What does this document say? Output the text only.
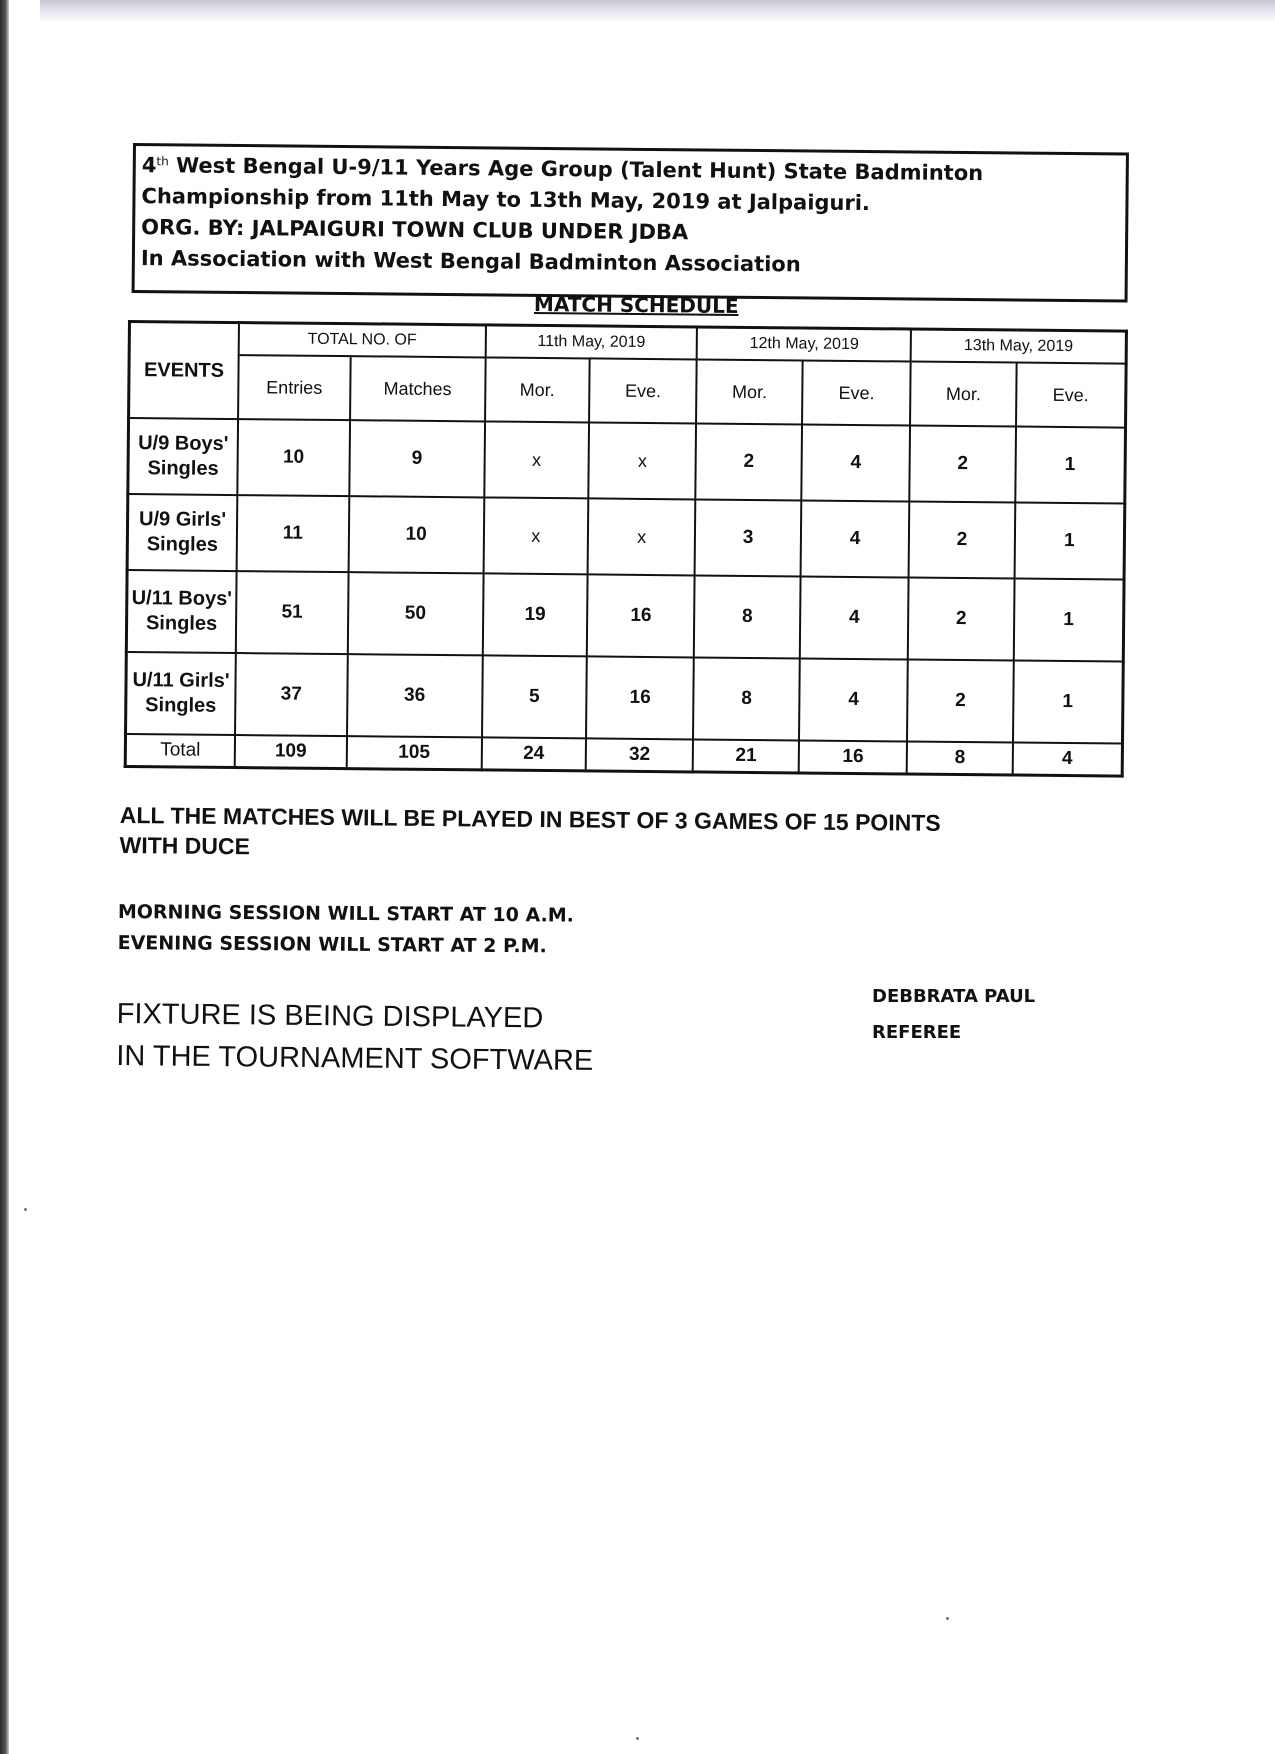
4th West Bengal U-9/11 Years Age Group (Talent Hunt) State Badminton
Championship from 11th May to 13th May, 2019 at Jalpaiguri.
ORG. BY: JALPAIGURI TOWN CLUB UNDER JDBA
In Association with West Bengal Badminton Association
MATCH SCHEDULE
EVENTS	TOTAL NO. OF		11th May, 2019		12th May, 2019		13th May, 2019	
	Entries	Matches	Mor.	Eve.	Mor.	Eve.	Mor.	Eve.
U/9 Boys' Singles	10	9	x	x	2	4	2	1
U/9 Girls' Singles	11	10	x	x	3	4	2	1
U/11 Boys' Singles	51	50	19	16	8	4	2	1
U/11 Girls' Singles	37	36	5	16	8	4	2	1
Total	109	105	24	32	21	16	8	4
ALL THE MATCHES WILL BE PLAYED IN BEST OF 3 GAMES OF 15 POINTS
WITH DUCE
MORNING SESSION WILL START AT 10 A.M.
EVENING SESSION WILL START AT 2 P.M.
FIXTURE IS BEING DISPLAYED
IN THE TOURNAMENT SOFTWARE
DEBBRATA PAUL
REFEREE
